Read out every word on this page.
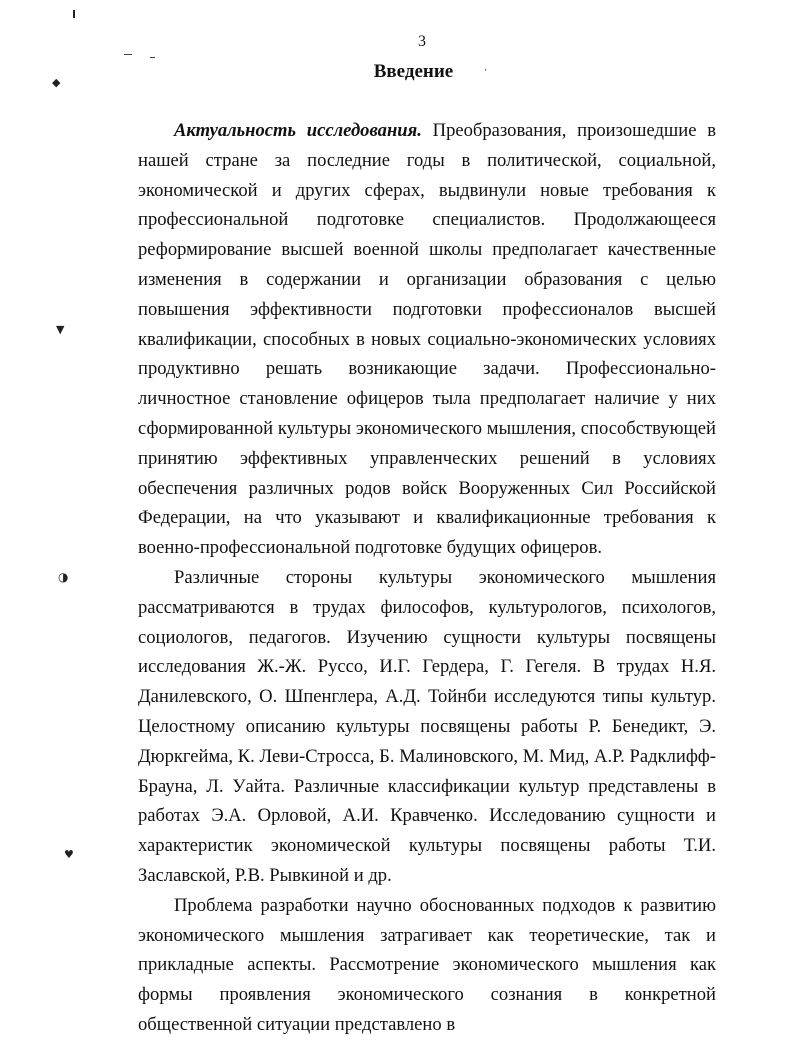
◆
▼
◑
♥
′
3
Введение

Актуальность исследования. Преобразования, произошедшие в нашей стране за последние годы в политической, социальной, экономической и других сферах, выдвинули новые требования к профессиональной подготовке специалистов. Продолжающееся реформирование высшей военной школы предполагает качественные изменения в содержании и организации образования с целью повышения эффективности подготовки профессионалов высшей квалификации, способных в новых социально-экономических условиях продуктивно решать возникающие задачи. Профессионально-личностное становление офицеров тыла предполагает наличие у них сформированной культуры экономического мышления, способствующей принятию эффективных управленческих решений в условиях обеспечения различных родов войск Вооруженных Сил Российской Федерации, на что указывают и квалификационные требования к военно-профессиональной подготовке будущих офицеров.

Различные стороны культуры экономического мышления рассматриваются в трудах философов, культурологов, психологов, социологов, педагогов. Изучению сущности культуры посвящены исследования Ж.-Ж. Руссо, И.Г. Гердера, Г. Гегеля. В трудах Н.Я. Данилевского, О. Шпенглера, А.Д. Тойнби исследуются типы культур. Целостному описанию культуры посвящены работы Р. Бенедикт, Э. Дюркгейма, К. Леви-Стросса, Б. Малиновского, М. Мид, А.Р. Радклифф-Брауна, Л. Уайта. Различные классификации культур представлены в работах Э.А. Орловой, А.И. Кравченко. Исследованию сущности и характеристик экономической культуры посвящены работы Т.И. Заславской, Р.В. Рывкиной и др.

Проблема разработки научно обоснованных подходов к развитию экономического мышления затрагивает как теоретические, так и прикладные аспекты. Рассмотрение экономического мышления как формы проявления экономического сознания в конкретной общественной ситуации представлено в
